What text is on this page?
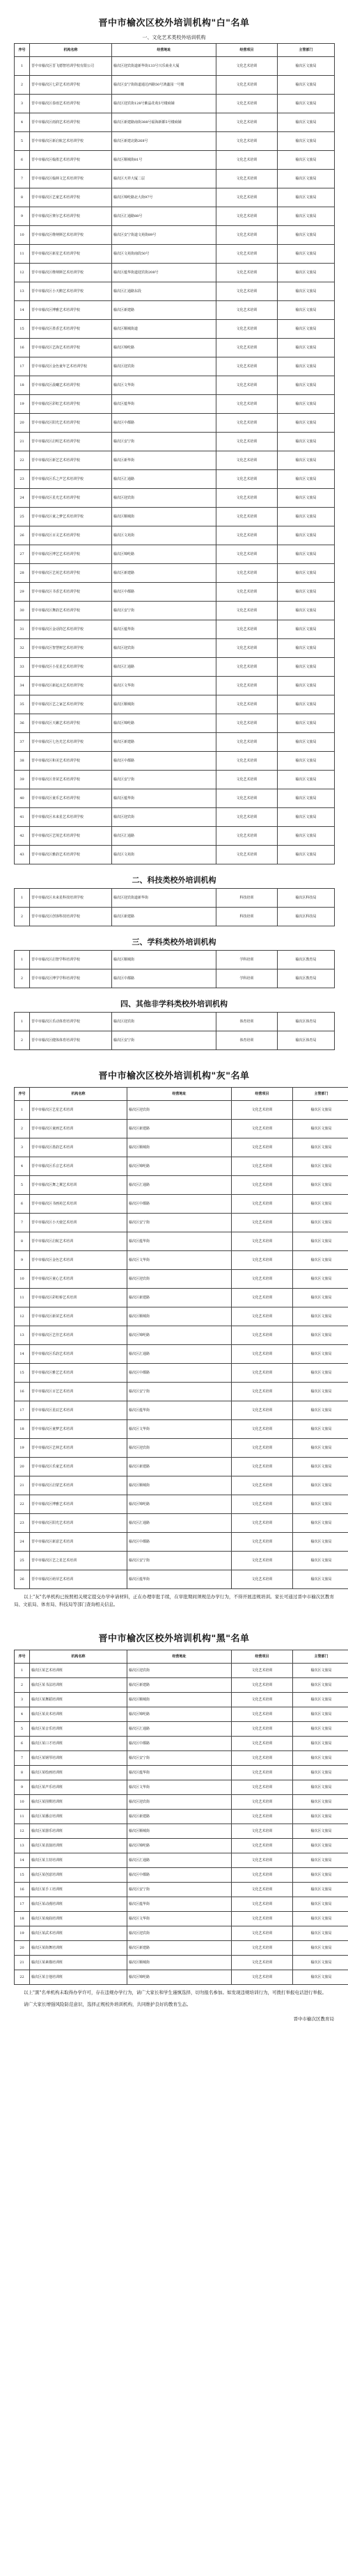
晋中市榆次区校外培训机构"白"名单
一、文化艺术类校外培训机构
序号	机构名称	经营地址	经营项目	主管部门
1	晋中市榆次区晋飞德智培训学校有限公司	榆次区迎宾街道新华街133号兴乐商业大厦	文化艺术培训	榆次区文旅局
2	晋中市榆次区七彩艺术培训学校	榆次区安宁街街道通达西路50号鸿鑫园一号楼	文化艺术培训	榆次区文旅局
3	晋中市榆次区春雨艺术培训学校	榆次区迎宾街128号紫晶花苑5号楼商铺	文化艺术培训	榆次区文旅局
4	晋中市榆次区雨润艺术培训学校	榆次区新建路南街388号福海新都5号楼商铺	文化艺术培训	榆次区文旅局
5	晋中市榆次区新启航艺术培训学校	榆次区新建北路268号	文化艺术培训	榆次区文旅局
6	晋中市榆次区翰墨艺术培训学校	榆次区顺城街81号	文化艺术培训	榆次区文旅局
7	晋中市榆次区翰林文艺术培训学校	榆次区天祥大厦二层	文化艺术培训	榆次区文旅局
8	晋中市榆次区艺童艺术培训学校	榆次区锦纶路北大街97号	文化艺术培训	榆次区文旅局
9	晋中市榆次区赛尔艺术培训学校	榆次区汇通路88号	文化艺术培训	榆次区文旅局
10	晋中市榆次区维纳斯艺术培训学校	榆次区安宁街道文苑街89号	文化艺术培训	榆次区文旅局
11	晋中市榆次区新星艺术培训学校	榆次区文苑街南段50号	文化艺术培训	榆次区文旅局
12	晋中市榆次区维纳斯艺术培训学校	榆次区蕴华街道迎宾街208号	文化艺术培训	榆次区文旅局
13	晋中市榆次区小天鹅艺术培训学校	榆次区汇通路东段	文化艺术培训	榆次区文旅局
14	晋中市榆次区博雅艺术培训学校	榆次区新建路	文化艺术培训	榆次区文旅局
15	晋中市榆次区墨香艺术培训学校	榆次区顺城街道	文化艺术培训	榆次区文旅局
16	晋中市榆次区艺海艺术培训学校	榆次区锦纶路	文化艺术培训	榆次区文旅局
17	晋中市榆次区金色童年艺术培训学校	榆次区迎宾街	文化艺术培训	榆次区文旅局
18	晋中市榆次区晨曦艺术培训学校	榆次区文华街	文化艺术培训	榆次区文旅局
19	晋中市榆次区彩虹艺术培训学校	榆次区蕴华街	文化艺术培训	榆次区文旅局
20	晋中市榆次区阳光艺术培训学校	榆次区中都路	文化艺术培训	榆次区文旅局
21	晋中市榆次区启明艺术培训学校	榆次区安宁街	文化艺术培训	榆次区文旅局
22	晋中市榆次区新艺艺术培训学校	榆次区新华街	文化艺术培训	榆次区文旅局
23	晋中市榆次区乐之声艺术培训学校	榆次区汇通路	文化艺术培训	榆次区文旅局
24	晋中市榆次区星光艺术培训学校	榆次区迎宾街	文化艺术培训	榆次区文旅局
25	晋中市榆次区童之梦艺术培训学校	榆次区顺城街	文化艺术培训	榆次区文旅局
26	晋中市榆次区百灵艺术培训学校	榆次区文苑街	文化艺术培训	榆次区文旅局
27	晋中市榆次区博艺艺术培训学校	榆次区锦纶路	文化艺术培训	榆次区文旅局
28	晋中市榆次区艺苑艺术培训学校	榆次区新建路	文化艺术培训	榆次区文旅局
29	晋中市榆次区书香艺术培训学校	榆次区中都路	文化艺术培训	榆次区文旅局
30	晋中市榆次区舞韵艺术培训学校	榆次区安宁街	文化艺术培训	榆次区文旅局
31	晋中市榆次区金话筒艺术培训学校	榆次区蕴华街	文化艺术培训	榆次区文旅局
32	晋中市榆次区智慧树艺术培训学校	榆次区迎宾街	文化艺术培训	榆次区文旅局
33	晋中市榆次区小星星艺术培训学校	榆次区汇通路	文化艺术培训	榆次区文旅局
34	晋中市榆次区新起点艺术培训学校	榆次区文华街	文化艺术培训	榆次区文旅局
35	晋中市榆次区艺之家艺术培训学校	榆次区顺城街	文化艺术培训	榆次区文旅局
36	晋中市榆次区天籁艺术培训学校	榆次区锦纶路	文化艺术培训	榆次区文旅局
37	晋中市榆次区七色光艺术培训学校	榆次区新建路	文化艺术培训	榆次区文旅局
38	晋中市榆次区和美艺术培训学校	榆次区中都路	文化艺术培训	榆次区文旅局
39	晋中市榆次区青苗艺术培训学校	榆次区安宁街	文化艺术培训	榆次区文旅局
40	晋中市榆次区童乐艺术培训学校	榆次区蕴华街	文化艺术培训	榆次区文旅局
41	晋中市榆次区未来星艺术培训学校	榆次区迎宾街	文化艺术培训	榆次区文旅局
42	晋中市榆次区艺境艺术培训学校	榆次区汇通路	文化艺术培训	榆次区文旅局
43	晋中市榆次区雅韵艺术培训学校	榆次区文苑街	文化艺术培训	榆次区文旅局
二、科技类校外培训机构
1	晋中市榆次区未来星科技培训学校	榆次区迎宾街道新华街	科技培训	榆次区科技局
2	晋中市榆次区创客科技培训学校	榆次区新建路	科技培训	榆次区科技局
三、学科类校外培训机构
1	晋中市榆次区启智学科培训学校	榆次区顺城街	学科培训	榆次区教育局
2	晋中市榆次区博学学科培训学校	榆次区中都路	学科培训	榆次区教育局
四、其他非学科类校外培训机构
1	晋中市榆次区乐动体育培训学校	榆次区迎宾街	体育培训	榆次区体育局
2	晋中市榆次区健体体育培训学校	榆次区安宁街	体育培训	榆次区体育局
晋中市榆次区校外培训机构"灰"名单
序号	机构名称	经营地址	经营项目	主管部门
1	晋中市榆次区艺星艺术培训	榆次区迎宾街	文化艺术培训	榆次区文旅局
2	晋中市榆次区童画艺术培训	榆次区新建路	文化艺术培训	榆次区文旅局
3	晋中市榆次区墨韵艺术培训	榆次区顺城街	文化艺术培训	榆次区文旅局
4	晋中市榆次区乐音艺术培训	榆次区锦纶路	文化艺术培训	榆次区文旅局
5	晋中市榆次区舞之翼艺术培训	榆次区汇通路	文化艺术培训	榆次区文旅局
6	晋中市榆次区书画苑艺术培训	榆次区中都路	文化艺术培训	榆次区文旅局
7	晋中市榆次区小天使艺术培训	榆次区安宁街	文化艺术培训	榆次区文旅局
8	晋中市榆次区启航艺术培训	榆次区蕴华街	文化艺术培训	榆次区文旅局
9	晋中市榆次区金色艺术培训	榆次区文华街	文化艺术培训	榆次区文旅局
10	晋中市榆次区童心艺术培训	榆次区迎宾街	文化艺术培训	榆次区文旅局
11	晋中市榆次区彩虹桥艺术培训	榆次区新建路	文化艺术培训	榆次区文旅局
12	晋中市榆次区新苗艺术培训	榆次区顺城街	文化艺术培训	榆次区文旅局
13	晋中市榆次区艺佳艺术培训	榆次区锦纶路	文化艺术培训	榆次区文旅局
14	晋中市榆次区乐韵艺术培训	榆次区汇通路	文化艺术培训	榆次区文旅局
15	晋中市榆次区雅艺艺术培训	榆次区中都路	文化艺术培训	榆次区文旅局
16	晋中市榆次区百艺艺术培训	榆次区安宁街	文化艺术培训	榆次区文旅局
17	晋中市榆次区星辰艺术培训	榆次区蕴华街	文化艺术培训	榆次区文旅局
18	晋中市榆次区童梦艺术培训	榆次区文华街	文化艺术培训	榆次区文旅局
19	晋中市榆次区艺林艺术培训	榆次区迎宾街	文化艺术培训	榆次区文旅局
20	晋中市榆次区乐童艺术培训	榆次区新建路	文化艺术培训	榆次区文旅局
21	晋中市榆次区启蒙艺术培训	榆次区顺城街	文化艺术培训	榆次区文旅局
22	晋中市榆次区博雅艺术培训	榆次区锦纶路	文化艺术培训	榆次区文旅局
23	晋中市榆次区阳光艺术培训	榆次区汇通路	文化艺术培训	榆次区文旅局
24	晋中市榆次区新意艺术培训	榆次区中都路	文化艺术培训	榆次区文旅局
25	晋中市榆次区艺之星艺术培训	榆次区安宁街	文化艺术培训	榆次区文旅局
26	晋中市榆次区萌芽艺术培训	榆次区蕴华街	文化艺术培训	榆次区文旅局

以上"灰"名单机构已按照相关规定提交办学申请材料，正在办理审批手续，在审批期间须规范办学行为，不得开展违规培训。家长可通过晋中市榆次区教育局、文旅局、体育局、科技局等部门查询相关信息。

晋中市榆次区校外培训机构"黑"名单
序号	机构名称	经营地址	经营项目	主管部门
1	榆次区某艺术培训班	榆次区迎宾街	文化艺术培训	榆次区文旅局
2	榆次区某书法培训班	榆次区新建路	文化艺术培训	榆次区文旅局
3	榆次区某舞蹈培训班	榆次区顺城街	文化艺术培训	榆次区文旅局
4	榆次区某美术培训班	榆次区锦纶路	文化艺术培训	榆次区文旅局
5	榆次区某音乐培训班	榆次区汇通路	文化艺术培训	榆次区文旅局
6	榆次区某口才培训班	榆次区中都路	文化艺术培训	榆次区文旅局
7	榆次区某钢琴培训班	榆次区安宁街	文化艺术培训	榆次区文旅局
8	榆次区某绘画培训班	榆次区蕴华街	文化艺术培训	榆次区文旅局
9	榆次区某声乐培训班	榆次区文华街	文化艺术培训	榆次区文旅局
10	榆次区某围棋培训班	榆次区迎宾街	文化艺术培训	榆次区文旅局
11	榆次区某播音培训班	榆次区新建路	文化艺术培训	榆次区文旅局
12	榆次区某器乐培训班	榆次区顺城街	文化艺术培训	榆次区文旅局
13	榆次区某表演培训班	榆次区锦纶路	文化艺术培训	榆次区文旅局
14	榆次区某主持培训班	榆次区汇通路	文化艺术培训	榆次区文旅局
15	榆次区某创意培训班	榆次区中都路	文化艺术培训	榆次区文旅局
16	榆次区某手工培训班	榆次区安宁街	文化艺术培训	榆次区文旅局
17	榆次区某动漫培训班	榆次区蕴华街	文化艺术培训	榆次区文旅局
18	榆次区某戏曲培训班	榆次区文华街	文化艺术培训	榆次区文旅局
19	榆次区某武术培训班	榆次区迎宾街	文化艺术培训	榆次区文旅局
20	榆次区某街舞培训班	榆次区新建路	文化艺术培训	榆次区文旅局
21	榆次区某素描培训班	榆次区顺城街	文化艺术培训	榆次区文旅局
22	榆次区某吉他培训班	榆次区锦纶路	文化艺术培训	榆次区文旅局

以上"黑"名单机构未取得办学许可，存在违规办学行为，请广大家长和学生谨慎选择，切勿报名参加。如发现违规培训行为，可拨打举报电话进行举报。

请广大家长增强风险防范意识，选择正规校外培训机构，共同维护良好的教育生态。

晋中市榆次区教育局
